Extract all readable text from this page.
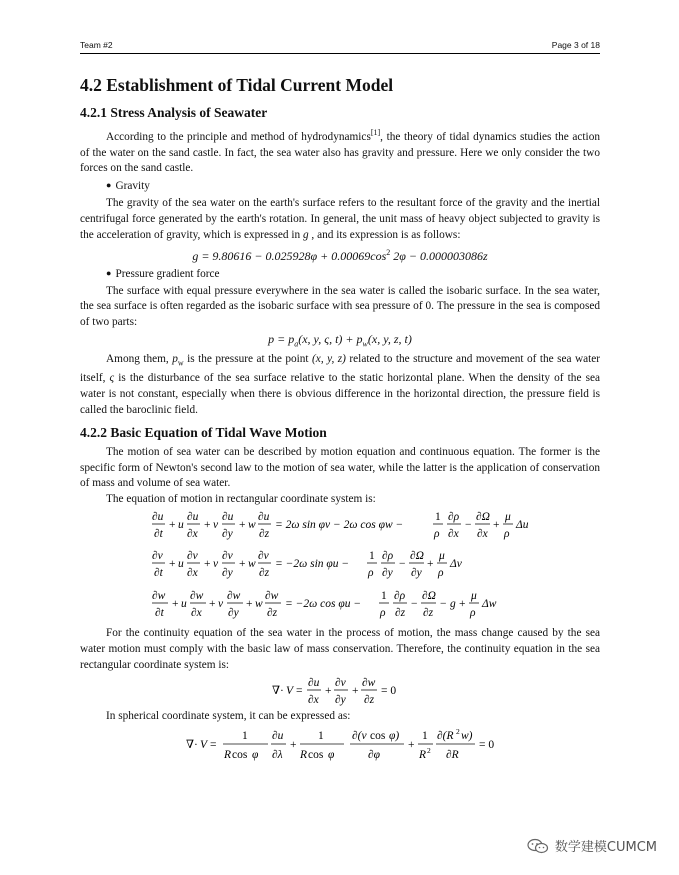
Team #2	Page 3 of 18
4.2 Establishment of Tidal Current Model
4.2.1 Stress Analysis of Seawater

According to the principle and method of hydrodynamics[1], the theory of tidal dynamics studies the action of the water on the sand castle. In fact, the sea water also has gravity and pressure. Here we only consider the two forces on the sand castle.

● Gravity

The gravity of the sea water on the earth's surface refers to the resultant force of the gravity and the inertial centrifugal force generated by the earth's rotation. In general, the unit mass of heavy object subjected to gravity is the acceleration of gravity, which is expressed in g , and its expression is as follows:

$g = 9.80616 - 0.025928\varphi + 0.00069\cos^2$ 2φ − 0.000003086z
● Pressure gradient force

The surface with equal pressure everywhere in the sea water is called the isobaric surface. In the sea water, the sea surface is often regarded as the isobaric surface with sea pressure of 0. The pressure in the sea is composed of two parts:

$p = p_a(x$, y, ς, $t) + p_w(x$, y, z, t)

Among them, $p_w$ is the pressure at the point (x, y, z) related to the structure and movement of the sea water itself, ς is the disturbance of the sea surface relative to the static horizontal plane. When the density of the sea water is not constant, especially when there is obvious difference in the horizontal direction, the pressure field is called the baroclinic field.

4.2.2 Basic Equation of Tidal Wave Motion

The motion of sea water can be described by motion equation and continuous equation. The former is the specific form of Newton's second law to the motion of sea water, while the latter is the application of conservation of mass and volume of sea water.

The equation of motion in rectangular coordinate system is:

∂u
∂t
+ u
∂u
∂x
+ v
∂u
∂y
+ w
∂u
∂z
= 2ω sin φv − 2ω cos φw −
1
ρ
∂ρ
∂x
−
∂Ω
∂x
+
μ
ρ
Δu
∂v
∂t
+ u
∂v
∂x
+ v
∂v
∂y
+ w
∂v
∂z
= −2ω sin φu −
1
ρ
∂ρ
∂y
−
∂Ω
∂y
+
μ
ρ
Δv
∂w
∂t
+ u
∂w
∂x
+ v
∂w
∂y
+ w
∂w
∂z
= −2ω cos φu −
1
ρ
∂ρ
∂z
−
∂Ω
∂z
− g +
μ
ρ
Δw

For the continuity equation of the sea water in the process of motion, the mass change caused by the sea water motion must comply with the basic law of mass conservation. Therefore, the continuity equation in the sea rectangular coordinate system is:

∇· V =
∂u
∂x
+
∂v
∂y
+
∂w
∂z
= 0

In spherical coordinate system, it can be expressed as:

∇· V =
1
R cos φ
∂u
∂λ
+
1
R cos φ
∂(v cos φ)
∂φ
+
1
R 2
∂(R 2 w)
∂R
= 0
数学建模CUMCM
